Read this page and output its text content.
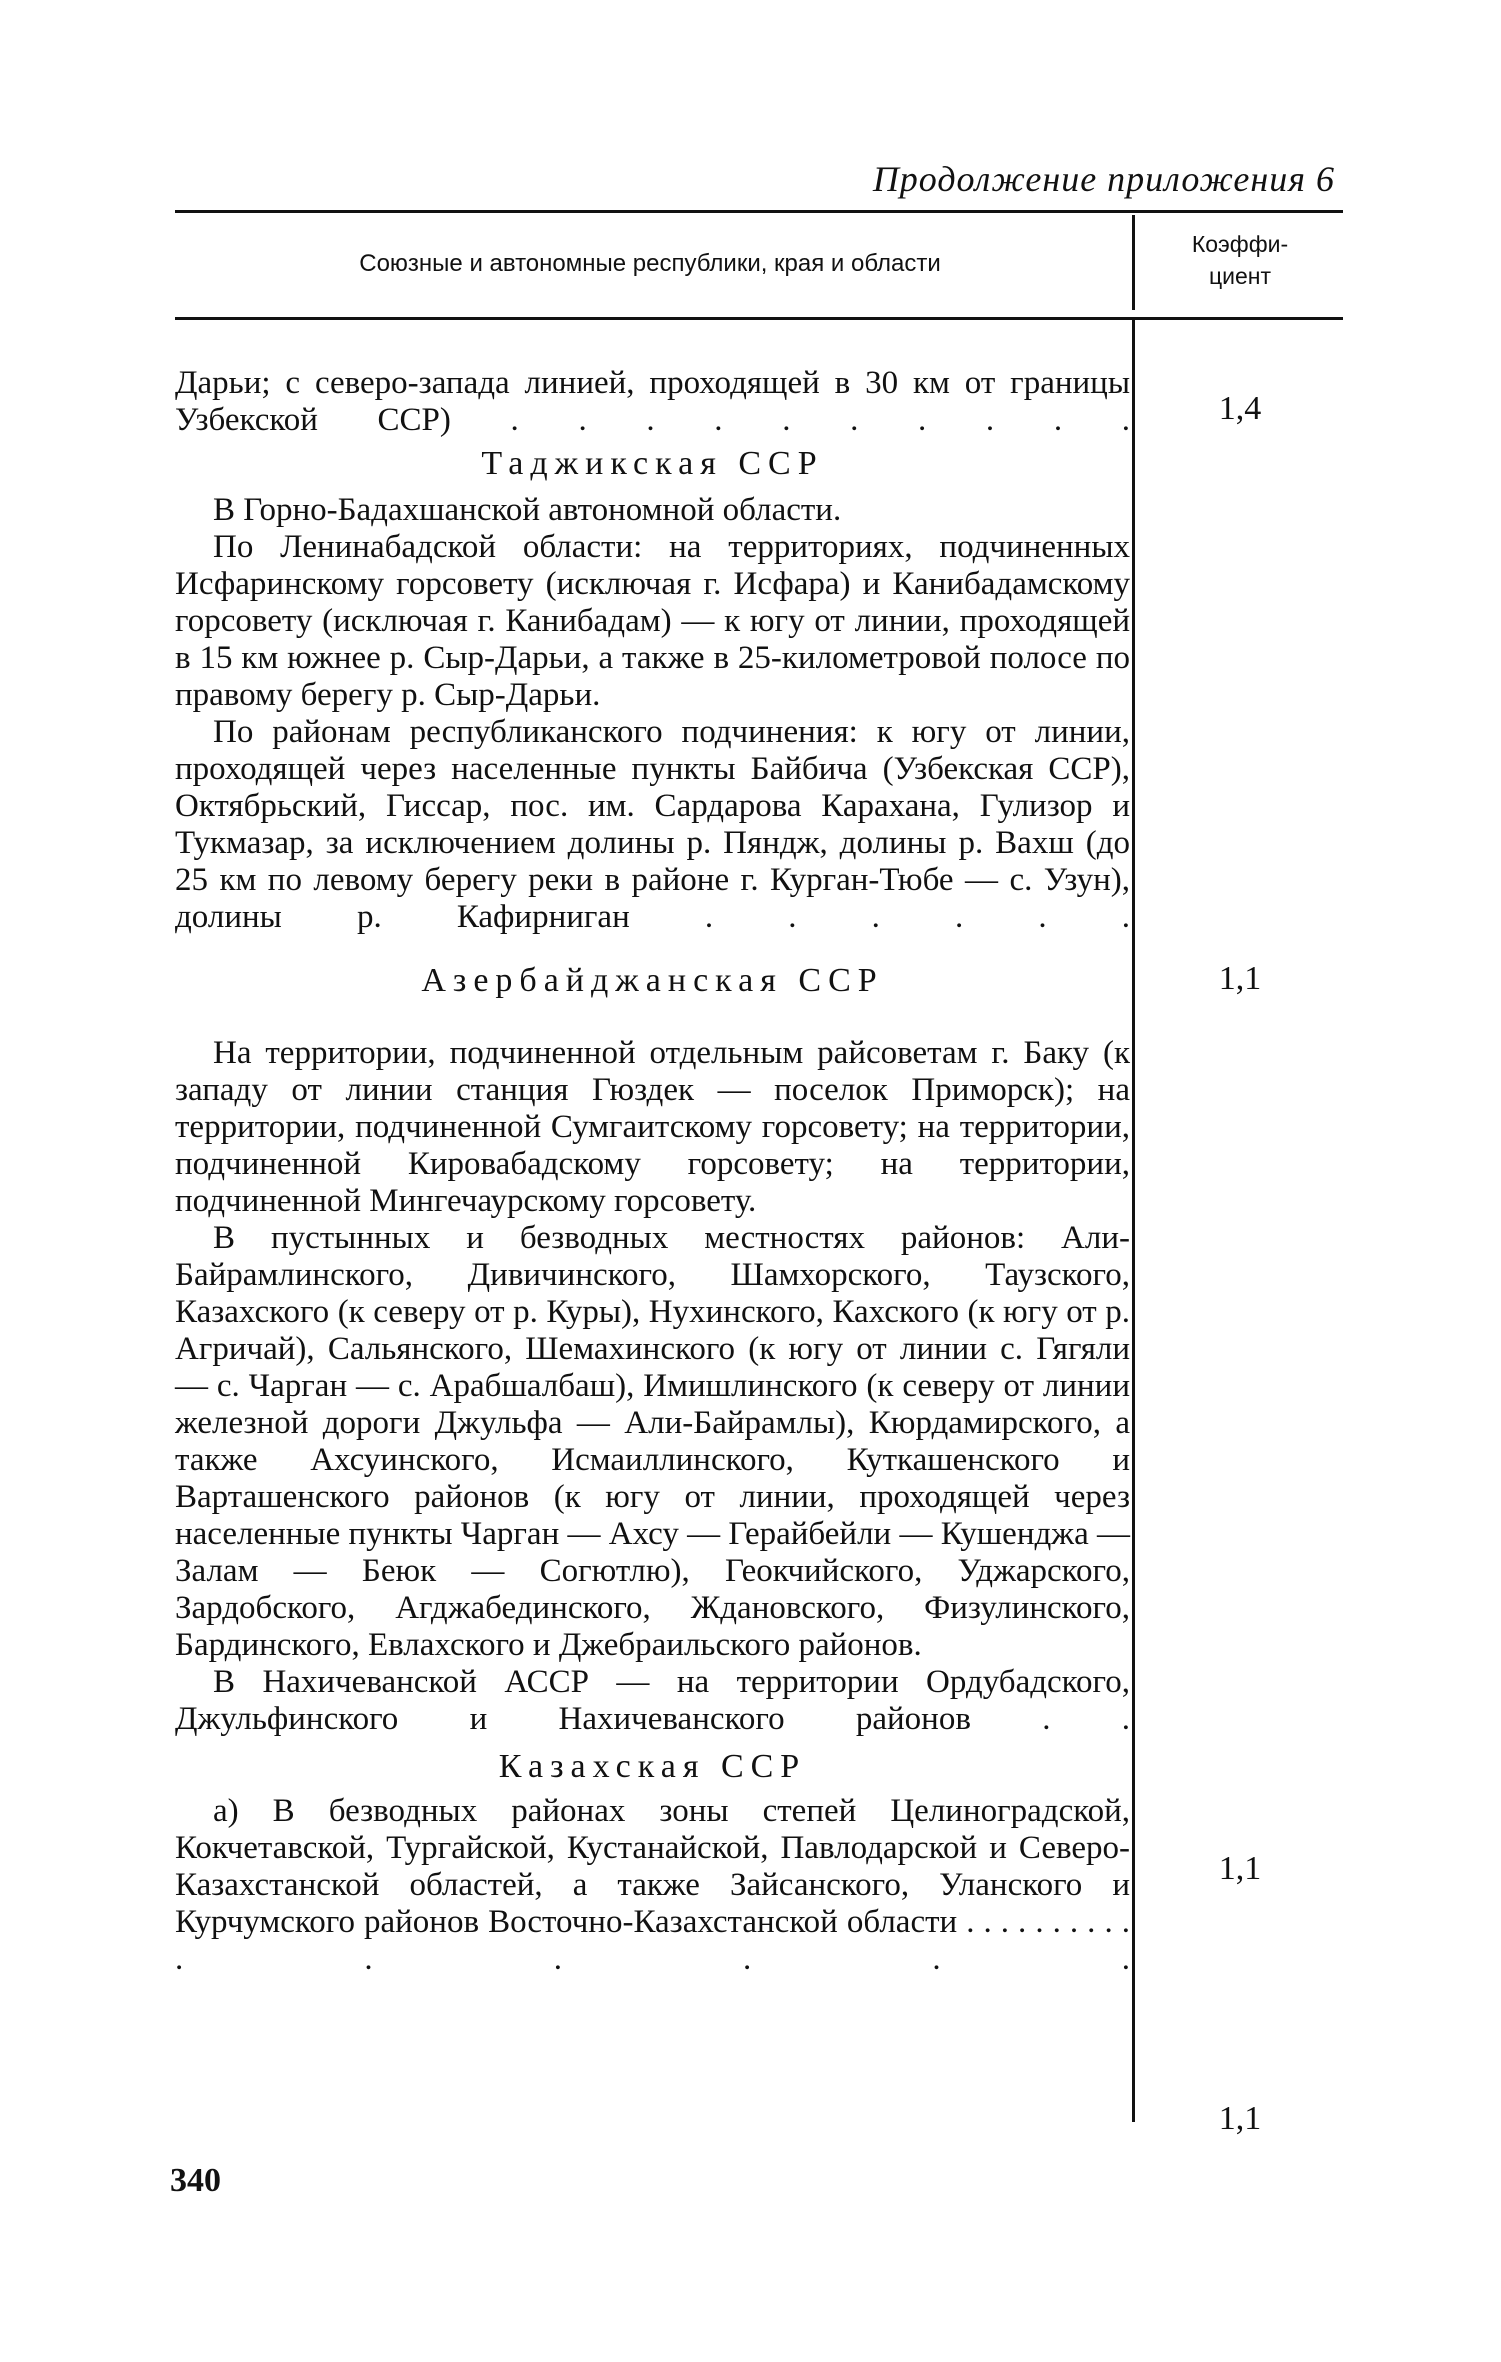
Продолжение приложения 6
Союзные и автономные республики, края и области
Коэффи-
циент

Дарьи; с северо-запада линией, проходящей в 30 км от границы Узбекской ССР) . . . . . . . . . .

Таджикская ССР

В Горно-Бадахшанской автономной области.

По Ленинабадской области: на территориях, подчиненных Исфаринскому горсовету (исключая г. Исфара) и Канибадамскому горсовету (исключая г. Канибадам) — к югу от линии, проходящей в 15 км южнее р. Сыр-Дарьи, а также в 25-километровой полосе по правому берегу р. Сыр-Дарьи.

По районам республиканского подчинения: к югу от линии, проходящей через населенные пункты Байбича (Узбекская ССР), Октябрьский, Гиссар, пос. им. Сардарова Карахана, Гулизор и Тукмазар, за исключением долины р. Пяндж, долины р. Вахш (до 25 км по левому берегу реки в районе г. Курган-Тюбе — с. Узун), долины р. Кафирниган . . . . . .

Азербайджанская ССР

На территории, подчиненной отдельным райсоветам г. Баку (к западу от линии станция Гюздек — поселок Приморск); на территории, подчиненной Сумгаитскому горсовету; на территории, подчиненной Кировабадскому горсовету; на территории, подчиненной Мингечаурскому горсовету.

В пустынных и безводных местностях районов: Али-Байрамлинского, Дивичинского, Шамхорского, Таузского, Казахского (к северу от р. Куры), Нухинского, Кахского (к югу от р. Агричай), Сальянского, Шемахинского (к югу от линии с. Гягяли — с. Чарган — с. Арабшалбаш), Имишлинского (к северу от линии железной дороги Джульфа — Али-Байрамлы), Кюрдамирского, а также Ахсуинского, Исмаиллинского, Куткашенского и Варташенского районов (к югу от линии, проходящей через населенные пункты Чарган — Ахсу — Герайбейли — Кушенджа — Залам — Беюк — Согютлю), Геокчийского, Уджарского, Зардобского, Агджабединского, Ждановского, Физулинского, Бардинского, Евлахского и Джебраильского районов.

В Нахичеванской АССР — на территории Ордубадского, Джульфинского и Нахичеванского районов . .

Казахская ССР

а) В безводных районах зоны степей Целиноградской, Кокчетавской, Тургайской, Кустанайской, Павлодарской и Северо-Казахстанской областей, а также Зайсанского, Уланского и Курчумского районов Восточно-Казахстанской области . . . . . . . . . . . . . . . .

1,4
1,1
1,1
1,1
340
